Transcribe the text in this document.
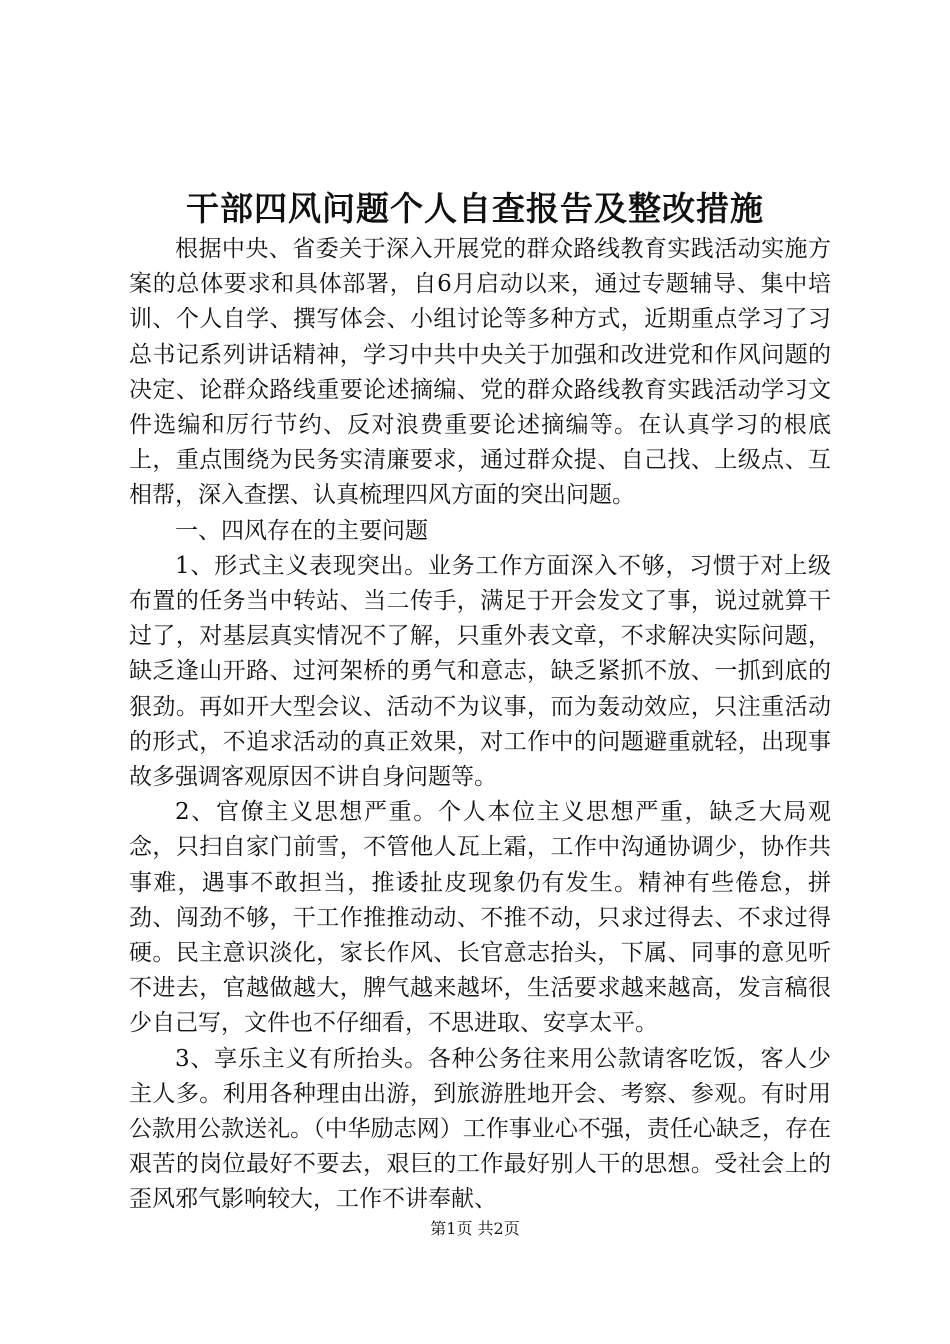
干部四风问题个人自查报告及整改措施

根据中央、省委关于深入开展党的群众路线教育实践活动实施方案的总体要求和具体部署，自6月启动以来，通过专题辅导、集中培训、个人自学、撰写体会、小组讨论等多种方式，近期重点学习了习总书记系列讲话精神，学习中共中央关于加强和改进党和作风问题的决定、论群众路线重要论述摘编、党的群众路线教育实践活动学习文件选编和厉行节约、反对浪费重要论述摘编等。在认真学习的根底上，重点围绕为民务实清廉要求，通过群众提、自己找、上级点、互相帮，深入查摆、认真梳理四风方面的突出问题。

一、四风存在的主要问题

1、形式主义表现突出。业务工作方面深入不够，习惯于对上级布置的任务当中转站、当二传手，满足于开会发文了事，说过就算干过了，对基层真实情况不了解，只重外表文章，不求解决实际问题，缺乏逢山开路、过河架桥的勇气和意志，缺乏紧抓不放、一抓到底的狠劲。再如开大型会议、活动不为议事，而为轰动效应，只注重活动的形式，不追求活动的真正效果，对工作中的问题避重就轻，出现事故多强调客观原因不讲自身问题等。

2、官僚主义思想严重。个人本位主义思想严重，缺乏大局观念，只扫自家门前雪，不管他人瓦上霜，工作中沟通协调少，协作共事难，遇事不敢担当，推诿扯皮现象仍有发生。精神有些倦怠，拼劲、闯劲不够，干工作推推动动、不推不动，只求过得去、不求过得硬。民主意识淡化，家长作风、长官意志抬头，下属、同事的意见听不进去，官越做越大，脾气越来越坏，生活要求越来越高，发言稿很少自己写，文件也不仔细看，不思进取、安享太平。

3、享乐主义有所抬头。各种公务往来用公款请客吃饭，客人少主人多。利用各种理由出游，到旅游胜地开会、考察、参观。有时用公款用公款送礼。（中华励志网）工作事业心不强，责任心缺乏，存在艰苦的岗位最好不要去，艰巨的工作最好别人干的思想。受社会上的歪风邪气影响较大，工作不讲奉献、

第1页 共2页
